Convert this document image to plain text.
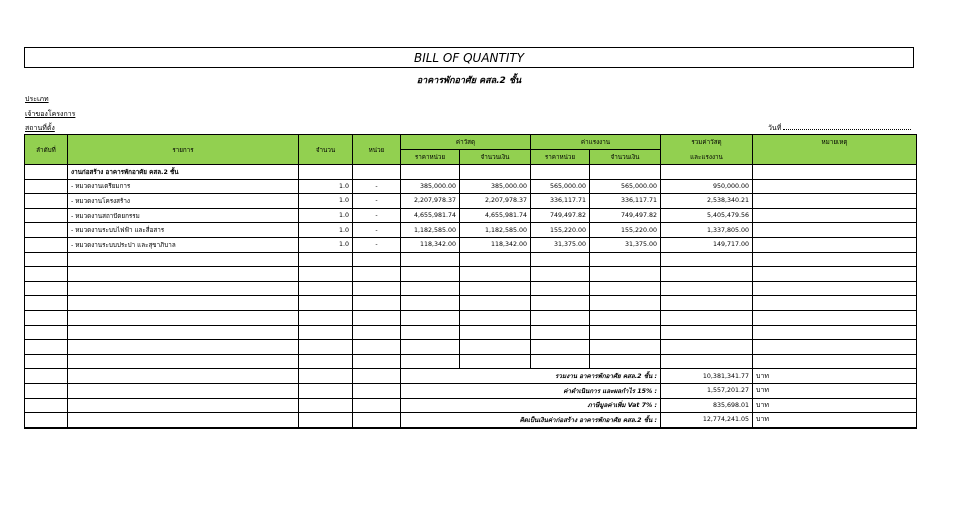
BILL OF QUANTITY
อาคารพักอาศัย คสล.2 ชั้น
ประเภท
เจ้าของโครงการ
สถานที่ตั้ง	วันที่
ลำดับที่	รายการ	จำนวน	หน่วย	ค่าวัสดุ		ค่าแรงงาน		รวมค่าวัสดุ	หมายเหตุ
				ราคาหน่วย	จำนวนเงิน	ราคาหน่วย	จำนวนเงิน	และแรงงาน	
	งานก่อสร้าง อาคารพักอาศัย คสล.2 ชั้น								
	- หมวดงานเตรียมการ	1.0	-	385,000.00	385,000.00	565,000.00	565,000.00	950,000.00	
	- หมวดงานโครงสร้าง	1.0	-	2,207,978.37	2,207,978.37	336,117.71	336,117.71	2,538,340.21	
	- หมวดงานสถาปัตยกรรม	1.0	-	4,655,981.74	4,655,981.74	749,497.82	749,497.82	5,405,479.56	
	- หมวดงานระบบไฟฟ้า และสื่อสาร	1.0	-	1,182,585.00	1,182,585.00	155,220.00	155,220.00	1,337,805.00	
	- หมวดงานระบบประปา และสุขาภิบาล	1.0	-	118,342.00	118,342.00	31,375.00	31,375.00	149,717.00	

				รวมงาน อาคารพักอาศัย คสล.2 ชั้น :				10,381,341.77	บาท
				ค่าดำเนินการ และผลกำไร 15% :				1,557,201.27	บาท
				ภาษีมูลค่าเพิ่ม Vat 7% :				835,698.01	บาท
				คิดเป็นเงินค่าก่อสร้าง อาคารพักอาศัย คสล.2 ชั้น :				12,774,241.05	บาท
